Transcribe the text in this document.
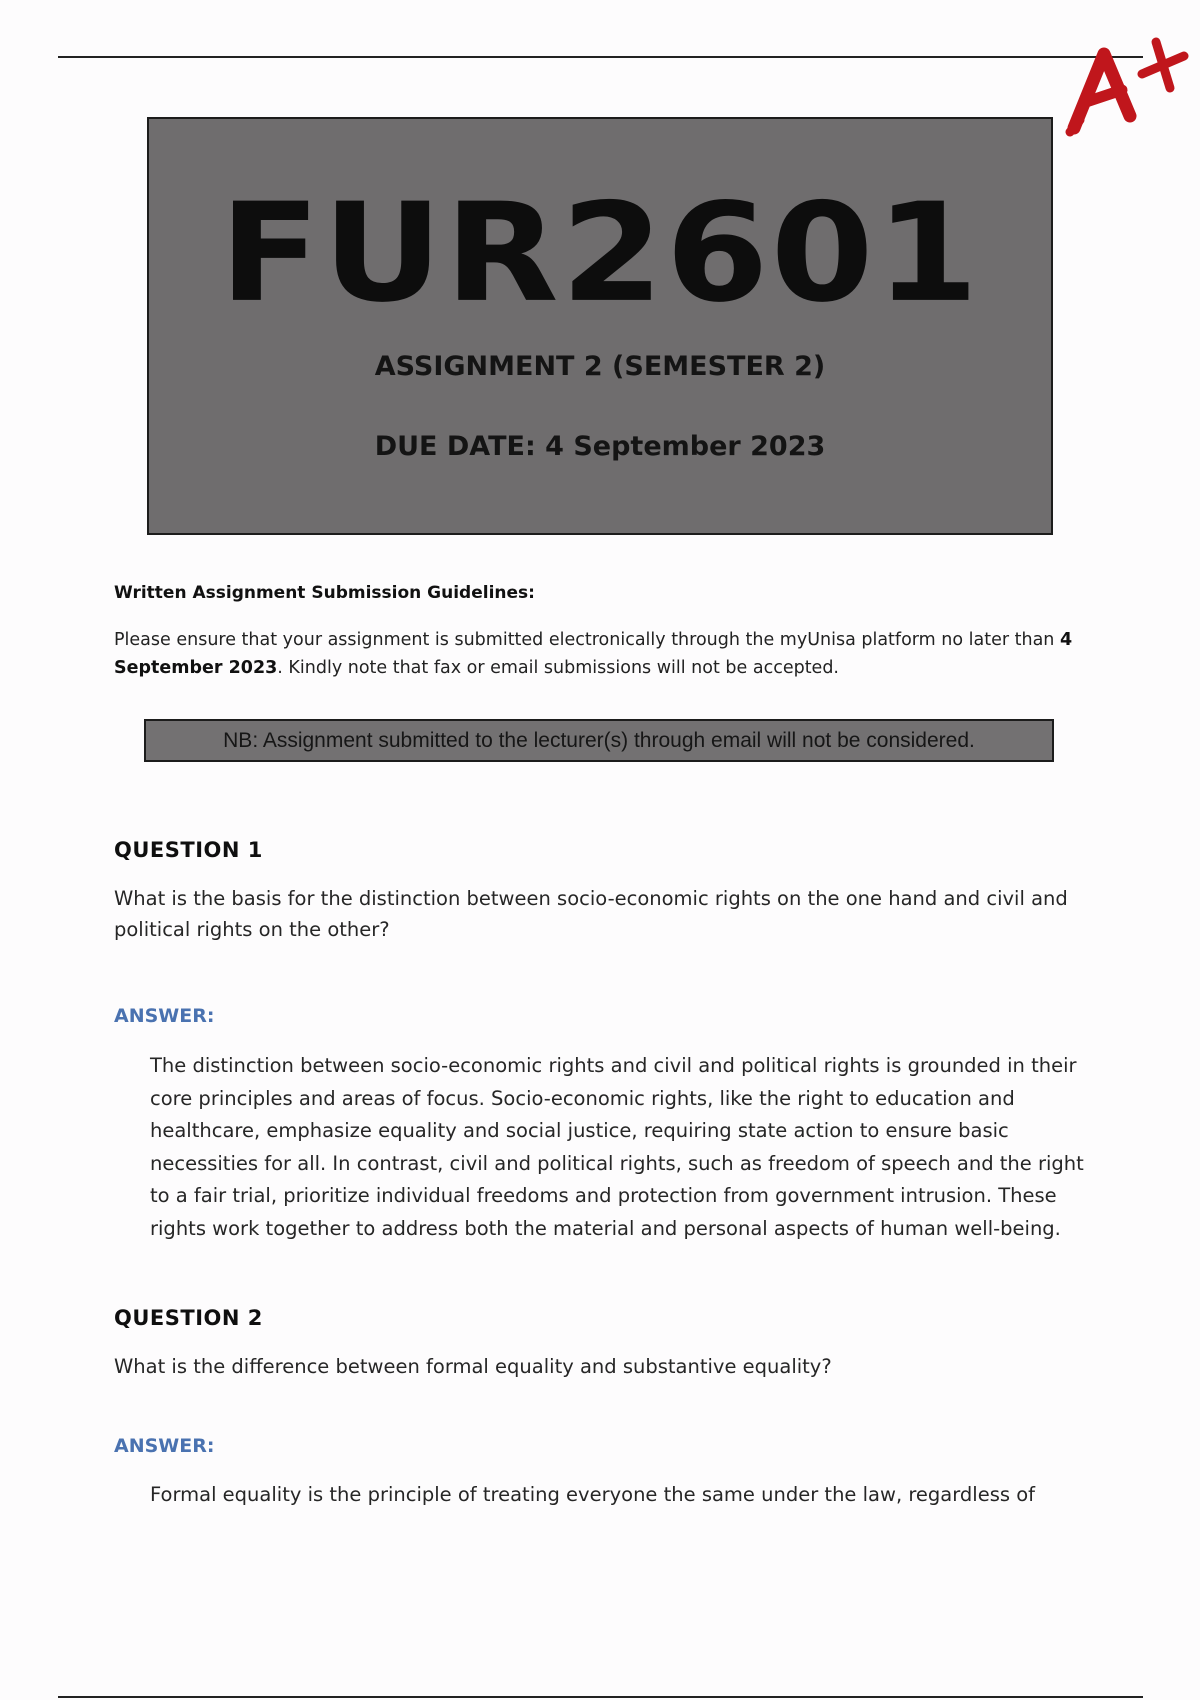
FUR2601
ASSIGNMENT 2 (SEMESTER 2)
DUE DATE: 4 September 2023
Written Assignment Submission Guidelines:
Please ensure that your assignment is submitted electronically through the myUnisa platform no later than 4 September 2023. Kindly note that fax or email submissions will not be accepted.
NB: Assignment submitted to the lecturer(s) through email will not be considered.
QUESTION 1
What is the basis for the distinction between socio-economic rights on the one hand and civil and political rights on the other?
ANSWER:
The distinction between socio-economic rights and civil and political rights is grounded in their core principles and areas of focus. Socio-economic rights, like the right to education and healthcare, emphasize equality and social justice, requiring state action to ensure basic necessities for all. In contrast, civil and political rights, such as freedom of speech and the right to a fair trial, prioritize individual freedoms and protection from government intrusion. These rights work together to address both the material and personal aspects of human well-being.
QUESTION 2
What is the difference between formal equality and substantive equality?
ANSWER:
Formal equality is the principle of treating everyone the same under the law, regardless of
